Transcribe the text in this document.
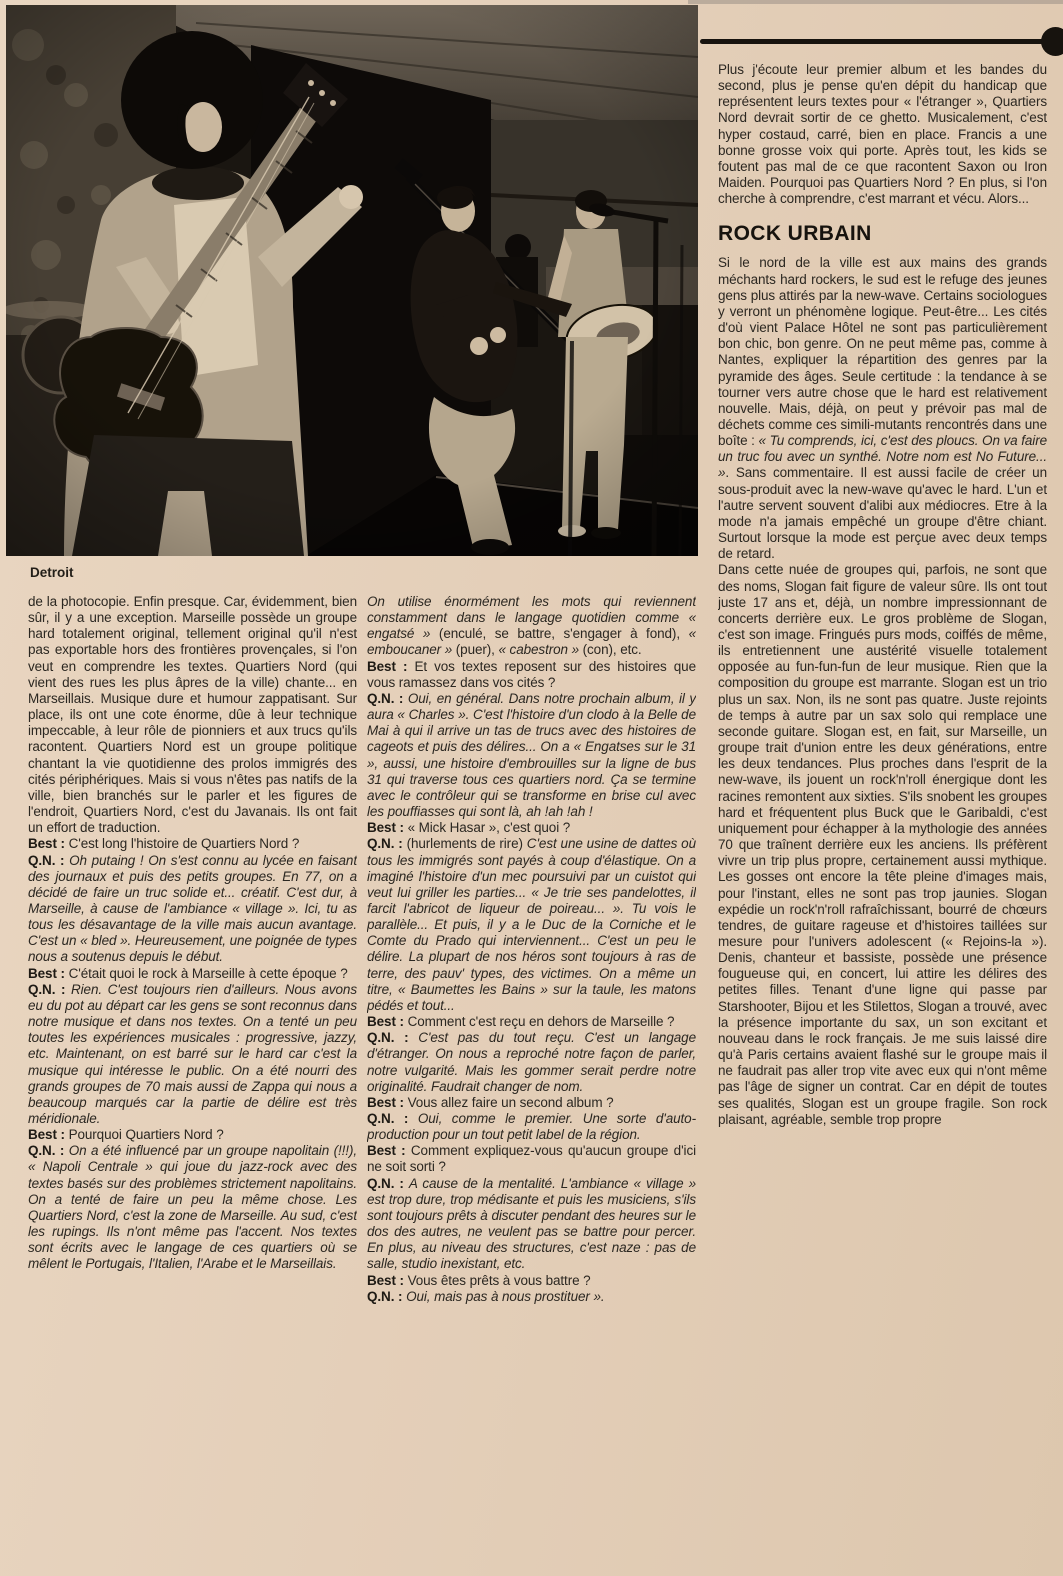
Detroit

de la photocopie. Enfin presque. Car, évidemment, bien sûr, il y a une exception. Marseille possède un groupe hard totalement original, tellement original qu'il n'est pas exportable hors des frontières provençales, si l'on veut en comprendre les textes. Quartiers Nord (qui vient des rues les plus âpres de la ville) chante... en Marseillais. Musique dure et humour zappatisant. Sur place, ils ont une cote énorme, dûe à leur technique impeccable, à leur rôle de pionniers et aux trucs qu'ils racontent. Quartiers Nord est un groupe politique chantant la vie quotidienne des prolos immigrés des cités périphériques. Mais si vous n'êtes pas natifs de la ville, bien branchés sur le parler et les figures de l'endroit, Quartiers Nord, c'est du Javanais. Ils ont fait un effort de traduction.

Best : C'est long l'histoire de Quartiers Nord ?

Q.N. : Oh putaing ! On s'est connu au lycée en faisant des journaux et puis des petits groupes. En 77, on a décidé de faire un truc solide et... créatif. C'est dur, à Marseille, à cause de l'ambiance « village ». Ici, tu as tous les désavantage de la ville mais aucun avantage. C'est un « bled ». Heureusement, une poignée de types nous a soutenus depuis le début.

Best : C'était quoi le rock à Marseille à cette époque ?

Q.N. : Rien. C'est toujours rien d'ailleurs. Nous avons eu du pot au départ car les gens se sont reconnus dans notre musique et dans nos textes. On a tenté un peu toutes les expériences musicales : progressive, jazzy, etc. Maintenant, on est barré sur le hard car c'est la musique qui intéresse le public. On a été nourri des grands groupes de 70 mais aussi de Zappa qui nous a beaucoup marqués car la partie de délire est très méridionale.

Best : Pourquoi Quartiers Nord ?

Q.N. : On a été influencé par un groupe napolitain (!!!), « Napoli Centrale » qui joue du jazz-rock avec des textes basés sur des problèmes strictement napolitains. On a tenté de faire un peu la même chose. Les Quartiers Nord, c'est la zone de Marseille. Au sud, c'est les rupings. Ils n'ont même pas l'accent. Nos textes sont écrits avec le langage de ces quartiers où se mêlent le Portugais, l'Italien, l'Arabe et le Marseillais.

On utilise énormément les mots qui reviennent constamment dans le langage quotidien comme « engatsé » (enculé, se battre, s'engager à fond), « emboucaner » (puer), « cabestron » (con), etc.

Best : Et vos textes reposent sur des histoires que vous ramassez dans vos cités ?

Q.N. : Oui, en général. Dans notre prochain album, il y aura « Charles ». C'est l'histoire d'un clodo à la Belle de Mai à qui il arrive un tas de trucs avec des histoires de cageots et puis des délires... On a « Engatses sur le 31 », aussi, une histoire d'embrouilles sur la ligne de bus 31 qui traverse tous ces quartiers nord. Ça se termine avec le contrôleur qui se transforme en brise cul avec les pouffiasses qui sont là, ah !ah !ah !

Best : « Mick Hasar », c'est quoi ?

Q.N. : (hurlements de rire) C'est une usine de dattes où tous les immigrés sont payés à coup d'élastique. On a imaginé l'histoire d'un mec poursuivi par un cuistot qui veut lui griller les parties... « Je trie ses pandelottes, il farcit l'abricot de liqueur de poireau... ». Tu vois le parallèle... Et puis, il y a le Duc de la Corniche et le Comte du Prado qui interviennent... C'est un peu le délire. La plupart de nos héros sont toujours à ras de terre, des pauv' types, des victimes. On a même un titre, « Baumettes les Bains » sur la taule, les matons pédés et tout...

Best : Comment c'est reçu en dehors de Marseille ?

Q.N. : C'est pas du tout reçu. C'est un langage d'étranger. On nous a reproché notre façon de parler, notre vulgarité. Mais les gommer serait perdre notre originalité. Faudrait changer de nom.

Best : Vous allez faire un second album ?

Q.N. : Oui, comme le premier. Une sorte d'auto-production pour un tout petit label de la région.

Best : Comment expliquez-vous qu'aucun groupe d'ici ne soit sorti ?

Q.N. : A cause de la mentalité. L'ambiance « village » est trop dure, trop médisante et puis les musiciens, s'ils sont toujours prêts à discuter pendant des heures sur le dos des autres, ne veulent pas se battre pour percer. En plus, au niveau des structures, c'est naze : pas de salle, studio inexistant, etc.

Best : Vous êtes prêts à vous battre ?

Q.N. : Oui, mais pas à nous prostituer ».

Plus j'écoute leur premier album et les bandes du second, plus je pense qu'en dépit du handicap que représentent leurs textes pour « l'étranger », Quartiers Nord devrait sortir de ce ghetto. Musicalement, c'est hyper costaud, carré, bien en place. Francis a une bonne grosse voix qui porte. Après tout, les kids se foutent pas mal de ce que racontent Saxon ou Iron Maiden. Pourquoi pas Quartiers Nord ? En plus, si l'on cherche à comprendre, c'est marrant et vécu. Alors...

ROCK URBAIN

Si le nord de la ville est aux mains des grands méchants hard rockers, le sud est le refuge des jeunes gens plus attirés par la new-wave. Certains sociologues y verront un phénomène logique. Peut-être... Les cités d'où vient Palace Hôtel ne sont pas particulièrement bon chic, bon genre. On ne peut même pas, comme à Nantes, expliquer la répartition des genres par la pyramide des âges. Seule certitude : la tendance à se tourner vers autre chose que le hard est relativement nouvelle. Mais, déjà, on peut y prévoir pas mal de déchets comme ces simili-mutants rencontrés dans une boîte : « Tu comprends, ici, c'est des ploucs. On va faire un truc fou avec un synthé. Notre nom est No Future... ». Sans commentaire. Il est aussi facile de créer un sous-produit avec la new-wave qu'avec le hard. L'un et l'autre servent souvent d'alibi aux médiocres. Etre à la mode n'a jamais empêché un groupe d'être chiant. Surtout lorsque la mode est perçue avec deux temps de retard.

Dans cette nuée de groupes qui, parfois, ne sont que des noms, Slogan fait figure de valeur sûre. Ils ont tout juste 17 ans et, déjà, un nombre impressionnant de concerts derrière eux. Le gros problème de Slogan, c'est son image. Fringués purs mods, coiffés de même, ils entretiennent une austérité visuelle totalement opposée au fun-fun-fun de leur musique. Rien que la composition du groupe est marrante. Slogan est un trio plus un sax. Non, ils ne sont pas quatre. Juste rejoints de temps à autre par un sax solo qui remplace une seconde guitare. Slogan est, en fait, sur Marseille, un groupe trait d'union entre les deux générations, entre les deux tendances. Plus proches dans l'esprit de la new-wave, ils jouent un rock'n'roll énergique dont les racines remontent aux sixties. S'ils snobent les groupes hard et fréquentent plus Buck que le Garibaldi, c'est uniquement pour échapper à la mythologie des années 70 que traînent derrière eux les anciens. Ils préfèrent vivre un trip plus propre, certainement aussi mythique. Les gosses ont encore la tête pleine d'images mais, pour l'instant, elles ne sont pas trop jaunies. Slogan expédie un rock'n'roll rafraîchissant, bourré de chœurs tendres, de guitare rageuse et d'histoires taillées sur mesure pour l'univers adolescent (« Rejoins-la »). Denis, chanteur et bassiste, possède une présence fougueuse qui, en concert, lui attire les délires des petites filles. Tenant d'une ligne qui passe par Starshooter, Bijou et les Stilettos, Slogan a trouvé, avec la présence importante du sax, un son excitant et nouveau dans le rock français. Je me suis laissé dire qu'à Paris certains avaient flashé sur le groupe mais il ne faudrait pas aller trop vite avec eux qui n'ont même pas l'âge de signer un contrat. Car en dépit de toutes ses qualités, Slogan est un groupe fragile. Son rock plaisant, agréable, semble trop propre
